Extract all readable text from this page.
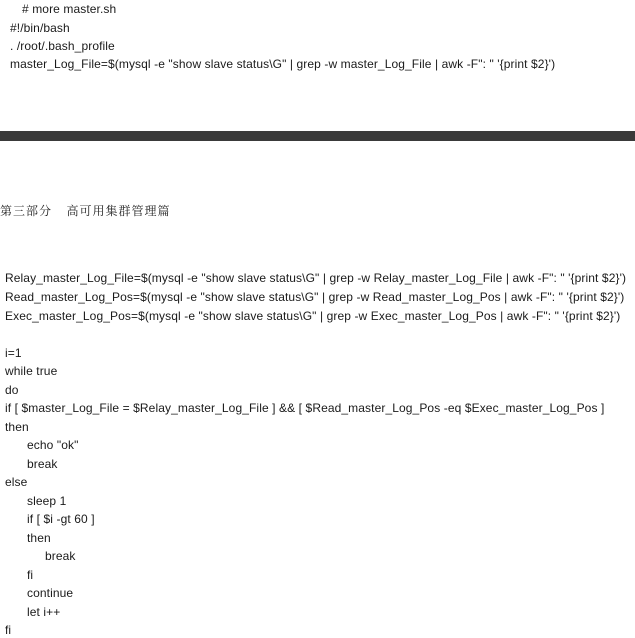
# more master.sh
#!/bin/bash
. /root/.bash_profile
master_Log_File=$(mysql -e "show slave status\G" | grep -w master_Log_File | awk -F": " '{print $2}')
第三部分   高可用集群管理篇
Relay_master_Log_File=$(mysql -e "show slave status\G" | grep -w Relay_master_Log_File | awk -F": " '{print $2}')
Read_master_Log_Pos=$(mysql -e "show slave status\G" | grep -w Read_master_Log_Pos | awk -F": " '{print $2}')
Exec_master_Log_Pos=$(mysql -e "show slave status\G" | grep -w Exec_master_Log_Pos | awk -F": " '{print $2}')
i=1
while true
do
if [ $master_Log_File = $Relay_master_Log_File ] && [ $Read_master_Log_Pos -eq $Exec_master_Log_Pos ]
then
echo "ok"
break
else
sleep 1
if [ $i -gt 60 ]
then
break
fi
continue
let i++
fi
